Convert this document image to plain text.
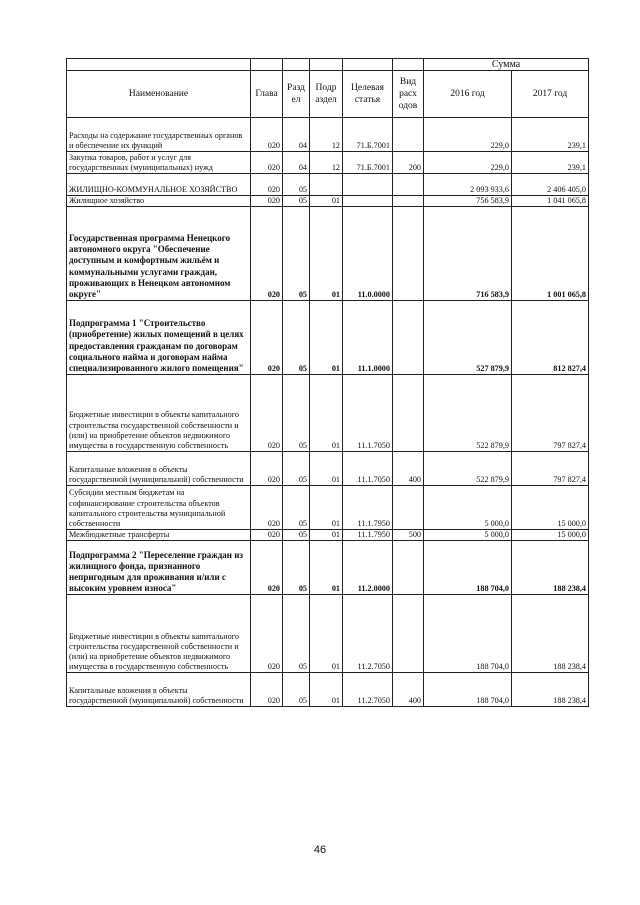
						Сумма	
Наименование	Глава	Разд ел	Подр аздел	Целевая статья	Вид расх одов	2016 год	2017 год
Расходы на содержание государственных органов и обеспечение их функций	020	04	12	71.Б.7001		229,0	239,1
Закупка товаров, работ и услуг для государственных (муниципальных) нужд	020	04	12	71.Б.7001	200	229,0	239,1
ЖИЛИЩНО-КОММУНАЛЬНОЕ ХОЗЯЙСТВО	020	05				2 093 933,6	2 406 405,0
Жилищное хозяйство	020	05	01			756 583,9	1 041 065,8
Государственная программа Ненецкого автономного округа "Обеспечение доступным и комфортным жильём и коммунальными услугами граждан, проживающих в Ненецком автономном округе"	020	05	01	11.0.0000		716 583,9	1 001 065,8
Подпрограмма 1 "Строительство (приобретение) жилых помещений в целях предоставления гражданам по договорам социального найма и договорам найма специализированного жилого помещения"	020	05	01	11.1.0000		527 879,9	812 827,4
Бюджетные инвестиции в объекты капитального строительства государственной собственности и (или) на приобретение объектов недвижимого имущества в государственную собственность	020	05	01	11.1.7050		522 879,9	797 827,4
Капитальные вложения в объекты государственной (муниципальной) собственности	020	05	01	11.1.7050	400	522 879,9	797 827,4
Субсидии местным бюджетам на софинансирование строительства объектов капитального строительства муниципальной собственности	020	05	01	11.1.7950		5 000,0	15 000,0
Межбюджетные трансферты	020	05	01	11.1.7950	500	5 000,0	15 000,0
Подпрограмма 2 "Переселение граждан из жилищного фонда, признанного непригодным для проживания и/или с высоким уровнем износа"	020	05	01	11.2.0000		188 704,0	188 238,4
Бюджетные инвестиции в объекты капитального строительства государственной собственности и (или) на приобретение объектов недвижимого имущества в государственную собственность	020	05	01	11.2.7050		188 704,0	188 238,4
Капитальные вложения в объекты государственной (муниципальной) собственности	020	05	01	11.2.7050	400	188 704,0	188 238,4
46
